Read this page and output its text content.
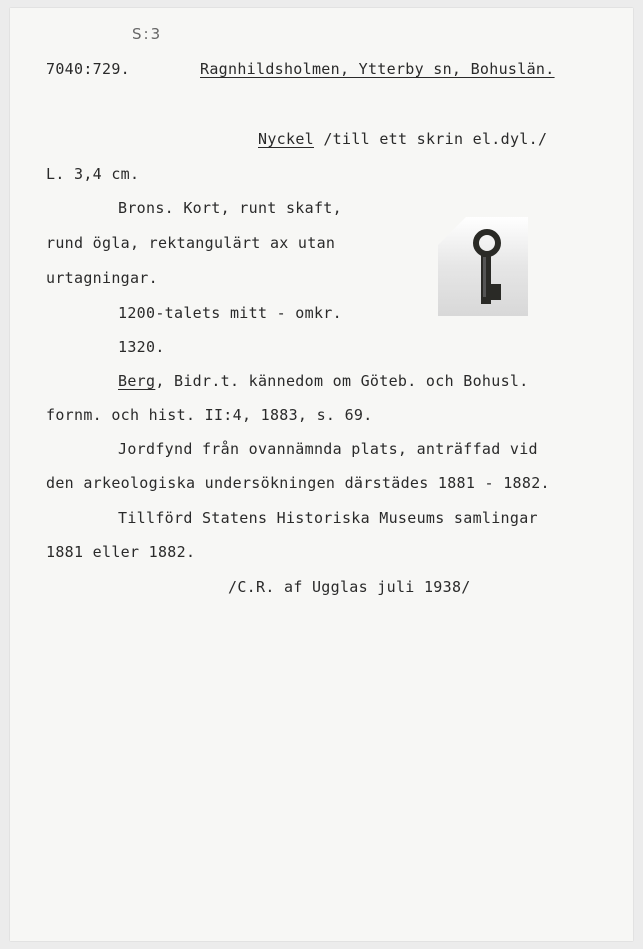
S:3
7040:729.	Ragnhildsholmen, Ytterby sn, Bohuslän.
Nyckel /till ett skrin el.dyl./
L. 3,4 cm.
Brons. Kort, runt skaft,
rund ögla, rektangulärt ax utan
urtagningar.
1200-talets mitt - omkr.
1320.
Berg, Bidr.t. kännedom om Göteb. och Bohusl.
fornm. och hist. II:4, 1883, s. 69.
Jordfynd från ovannämnda plats, anträffad vid
den arkeologiska undersökningen därstädes 1881 - 1882.
Tillförd Statens Historiska Museums samlingar
1881 eller 1882.
/C.R. af Ugglas juli 1938/
